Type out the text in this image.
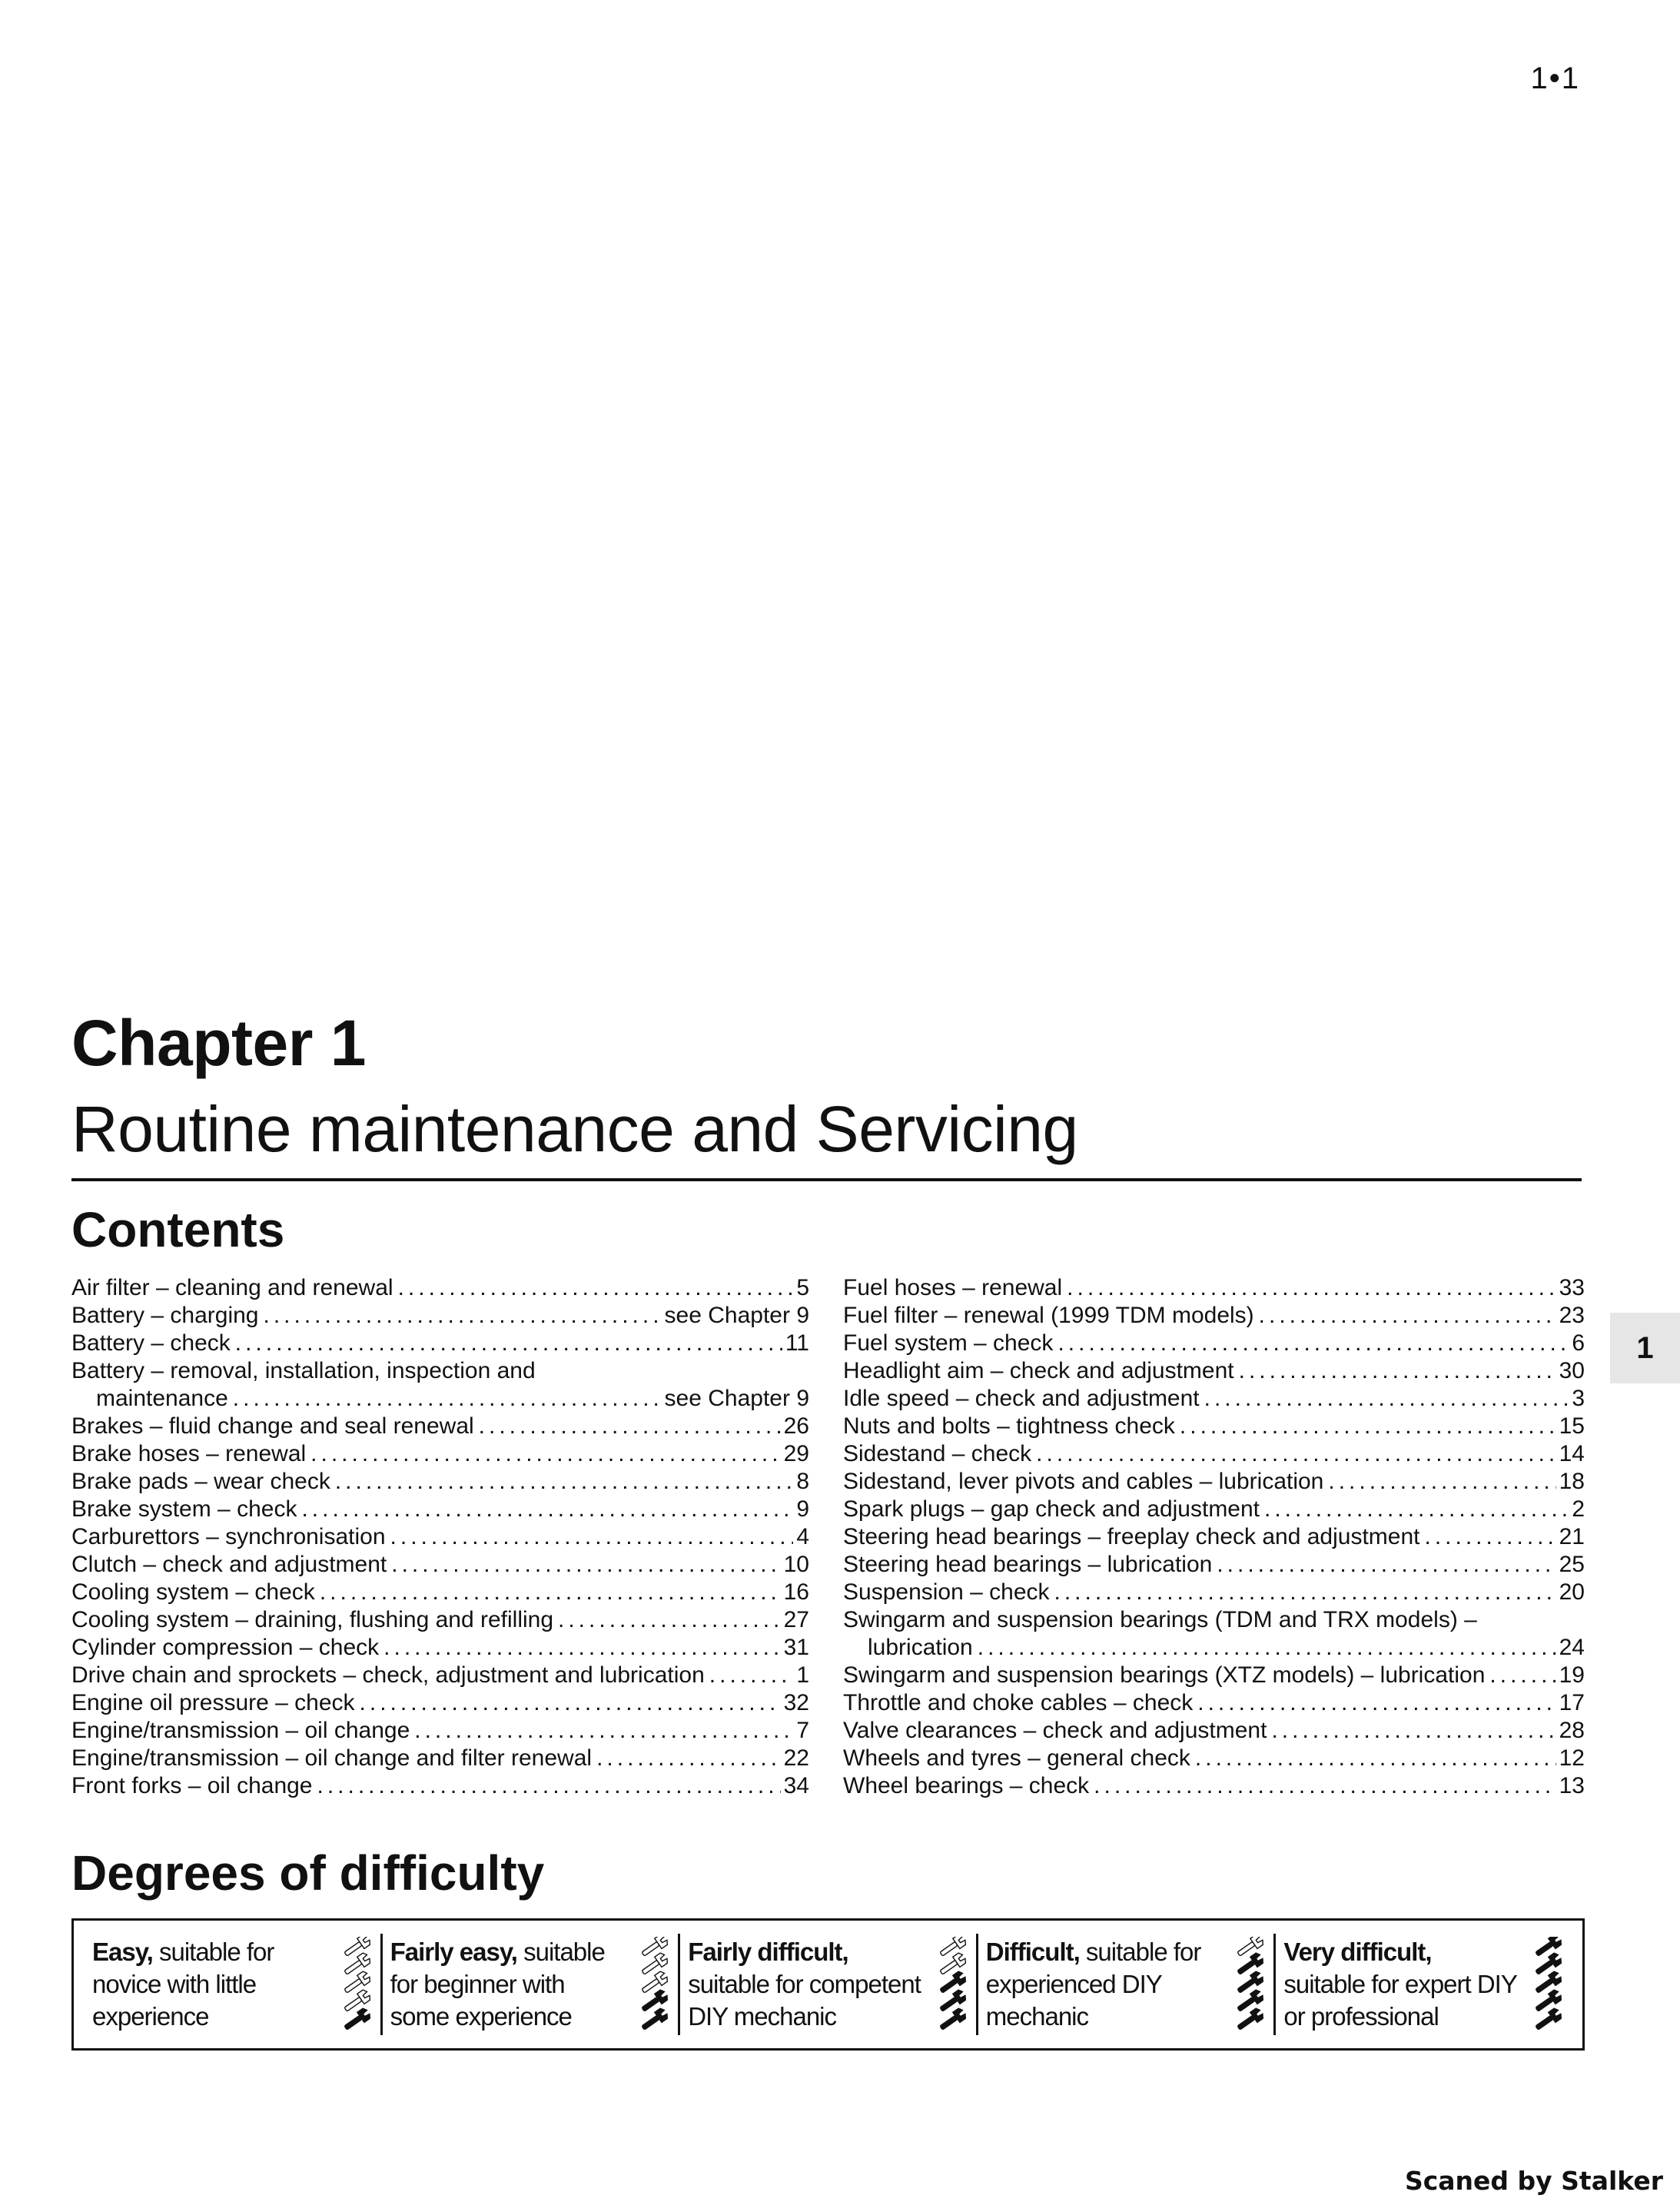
1•1
Chapter 1
Routine maintenance and Servicing
Contents
Air filter – cleaning and renewal .....	5
Battery – charging .....	see Chapter 9
Battery – check .....	11
Battery – removal, installation, inspection and
maintenance .....	see Chapter 9
Brakes – fluid change and seal renewal .....	26
Brake hoses – renewal .....	29
Brake pads – wear check .....	8
Brake system – check .....	9
Carburettors – synchronisation .....	4
Clutch – check and adjustment .....	10
Cooling system – check .....	16
Cooling system – draining, flushing and refilling .....	27
Cylinder compression – check .....	31
Drive chain and sprockets – check, adjustment and lubrication .....	1
Engine oil pressure – check .....	32
Engine/transmission – oil change .....	7
Engine/transmission – oil change and filter renewal .....	22
Front forks – oil change .....	34
Fuel hoses – renewal .....	33
Fuel filter – renewal (1999 TDM models) .....	23
Fuel system – check .....	6
Headlight aim – check and adjustment .....	30
Idle speed – check and adjustment .....	3
Nuts and bolts – tightness check .....	15
Sidestand – check .....	14
Sidestand, lever pivots and cables – lubrication .....	18
Spark plugs – gap check and adjustment .....	2
Steering head bearings – freeplay check and adjustment .....	21
Steering head bearings – lubrication .....	25
Suspension – check .....	20
Swingarm and suspension bearings (TDM and TRX models) –
lubrication .....	24
Swingarm and suspension bearings (XTZ models) – lubrication .....	19
Throttle and choke cables – check .....	17
Valve clearances – check and adjustment .....	28
Wheels and tyres – general check .....	12
Wheel bearings – check .....	13
1
Degrees of difficulty
Easy, suitable for
novice with little
experience
Fairly easy, suitable
for beginner with
some experience
Fairly difficult,
suitable for competent
DIY mechanic
Difficult, suitable for
experienced DIY
mechanic
Very difficult,
suitable for expert DIY
or professional
Scaned by Stalker
